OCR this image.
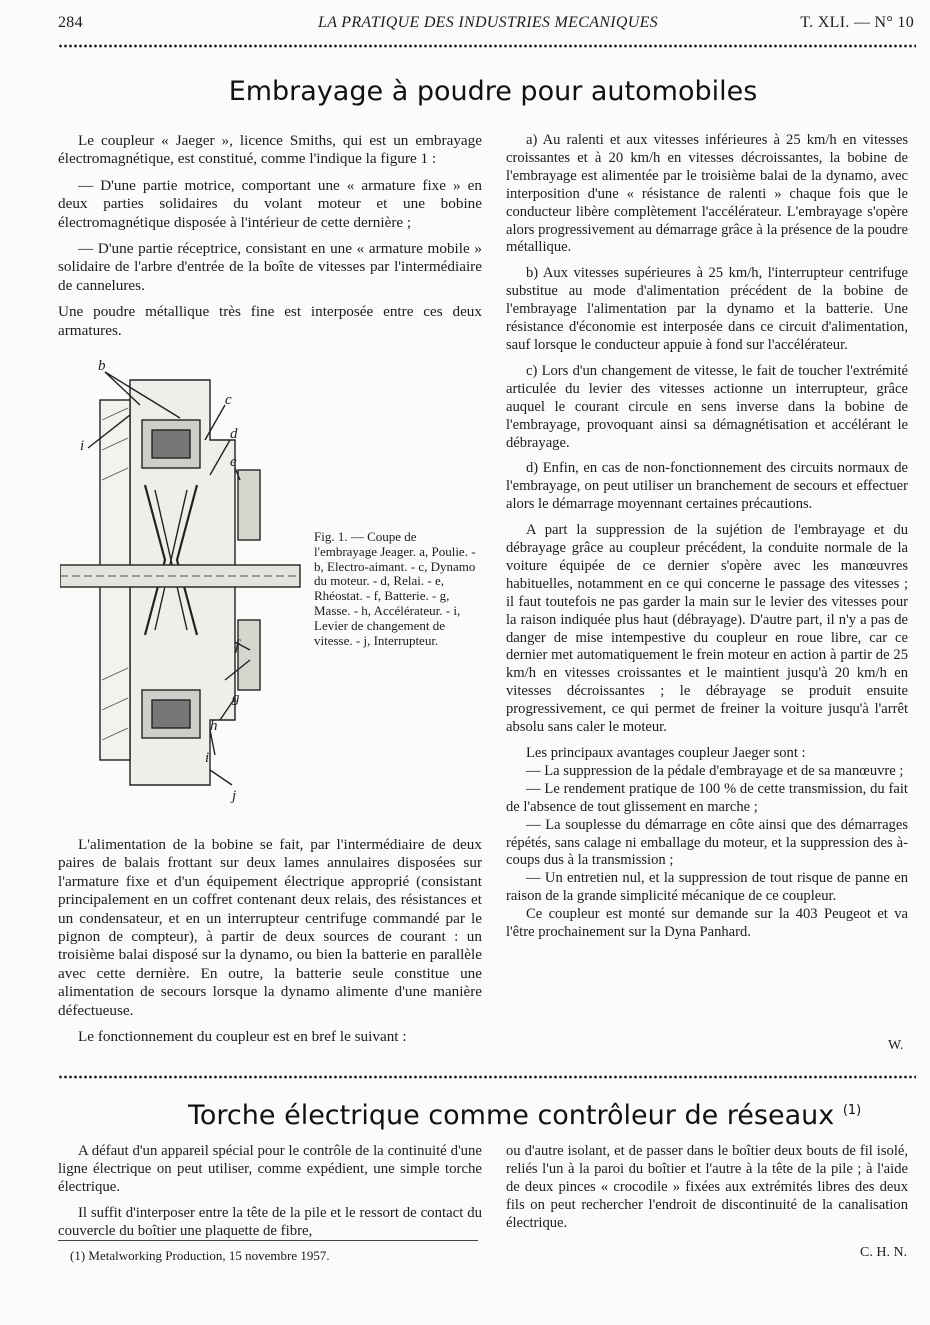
284	LA PRATIQUE DES INDUSTRIES MECANIQUES	T. XLI. — N° 10
Embrayage à poudre pour automobiles

Le coupleur « Jaeger », licence Smiths, qui est un embrayage électromagnétique, est constitué, comme l'indique la figure 1 :

— D'une partie motrice, comportant une « armature fixe » en deux parties solidaires du volant moteur et une bobine électromagnétique disposée à l'intérieur de cette dernière ;

— D'une partie réceptrice, consistant en une « armature mobile » solidaire de l'arbre d'entrée de la boîte de vitesses par l'intermédiaire de cannelures.

Une poudre métallique très fine est interposée entre ces deux armatures.

b
c
d
e
i
f
g
h
i
j
Fig. 1. — Coupe de l'embrayage Jeager. a, Poulie. - b, Electro-aimant. - c, Dynamo du moteur. - d, Relai. - e, Rhéostat. - f, Batterie. - g, Masse. - h, Accélérateur. - i, Levier de changement de vitesse. - j, Interrupteur.

L'alimentation de la bobine se fait, par l'intermédiaire de deux paires de balais frottant sur deux lames annulaires disposées sur l'armature fixe et d'un équipement électrique approprié (consistant principalement en un coffret contenant deux relais, des résistances et un condensateur, et en un interrupteur centrifuge commandé par le pignon de compteur), à partir de deux sources de courant : un troisième balai disposé sur la dynamo, ou bien la batterie en parallèle avec cette dernière. En outre, la batterie seule constitue une alimentation de secours lorsque la dynamo alimente d'une manière défectueuse.

Le fonctionnement du coupleur est en bref le suivant :

a) Au ralenti et aux vitesses inférieures à 25 km/h en vitesses croissantes et à 20 km/h en vitesses décroissantes, la bobine de l'embrayage est alimentée par le troisième balai de la dynamo, avec interposition d'une « résistance de ralenti » chaque fois que le conducteur libère complètement l'accélérateur. L'embrayage s'opère alors progressivement au démarrage grâce à la présence de la poudre métallique.

b) Aux vitesses supérieures à 25 km/h, l'interrupteur centrifuge substitue au mode d'alimentation précédent de la bobine de l'embrayage l'alimentation par la dynamo et la batterie. Une résistance d'économie est interposée dans ce circuit d'alimentation, sauf lorsque le conducteur appuie à fond sur l'accélérateur.

c) Lors d'un changement de vitesse, le fait de toucher l'extrémité articulée du levier des vitesses actionne un interrupteur, grâce auquel le courant circule en sens inverse dans la bobine de l'embrayage, provoquant ainsi sa démagnétisation et accélérant le débrayage.

d) Enfin, en cas de non-fonctionnement des circuits normaux de l'embrayage, on peut utiliser un branchement de secours et effectuer alors le démarrage moyennant certaines précautions.

A part la suppression de la sujétion de l'embrayage et du débrayage grâce au coupleur précédent, la conduite normale de la voiture équipée de ce dernier s'opère avec les manœuvres habituelles, notamment en ce qui concerne le passage des vitesses ; il faut toutefois ne pas garder la main sur le levier des vitesses pour la raison indiquée plus haut (débrayage). D'autre part, il n'y a pas de danger de mise intempestive du coupleur en roue libre, car ce dernier met automatiquement le frein moteur en action à partir de 25 km/h en vitesses croissantes et le maintient jusqu'à 20 km/h en vitesses décroissantes ; le débrayage se produit ensuite progressivement, ce qui permet de freiner la voiture jusqu'à l'arrêt absolu sans caler le moteur.

Les principaux avantages coupleur Jaeger sont :

— La suppression de la pédale d'embrayage et de sa manœuvre ;

— Le rendement pratique de 100 % de cette transmission, du fait de l'absence de tout glissement en marche ;

— La souplesse du démarrage en côte ainsi que des démarrages répétés, sans calage ni emballage du moteur, et la suppression des à-coups dus à la transmission ;

— Un entretien nul, et la suppression de tout risque de panne en raison de la grande simplicité mécanique de ce coupleur.

Ce coupleur est monté sur demande sur la 403 Peugeot et va l'être prochainement sur la Dyna Panhard.

W.
Torche électrique comme contrôleur de réseaux $^{(1)}$

A défaut d'un appareil spécial pour le contrôle de la continuité d'une ligne électrique on peut utiliser, comme expédient, une simple torche électrique.

Il suffit d'interposer entre la tête de la pile et le ressort de contact du couvercle du boîtier une plaquette de fibre,

ou d'autre isolant, et de passer dans le boîtier deux bouts de fil isolé, reliés l'un à la paroi du boîtier et l'autre à la tête de la pile ; à l'aide de deux pinces « crocodile » fixées aux extrémités libres des deux fils on peut rechercher l'endroit de discontinuité de la canalisation électrique.

(1) Metalworking Production, 15 novembre 1957.	C. H. N.
